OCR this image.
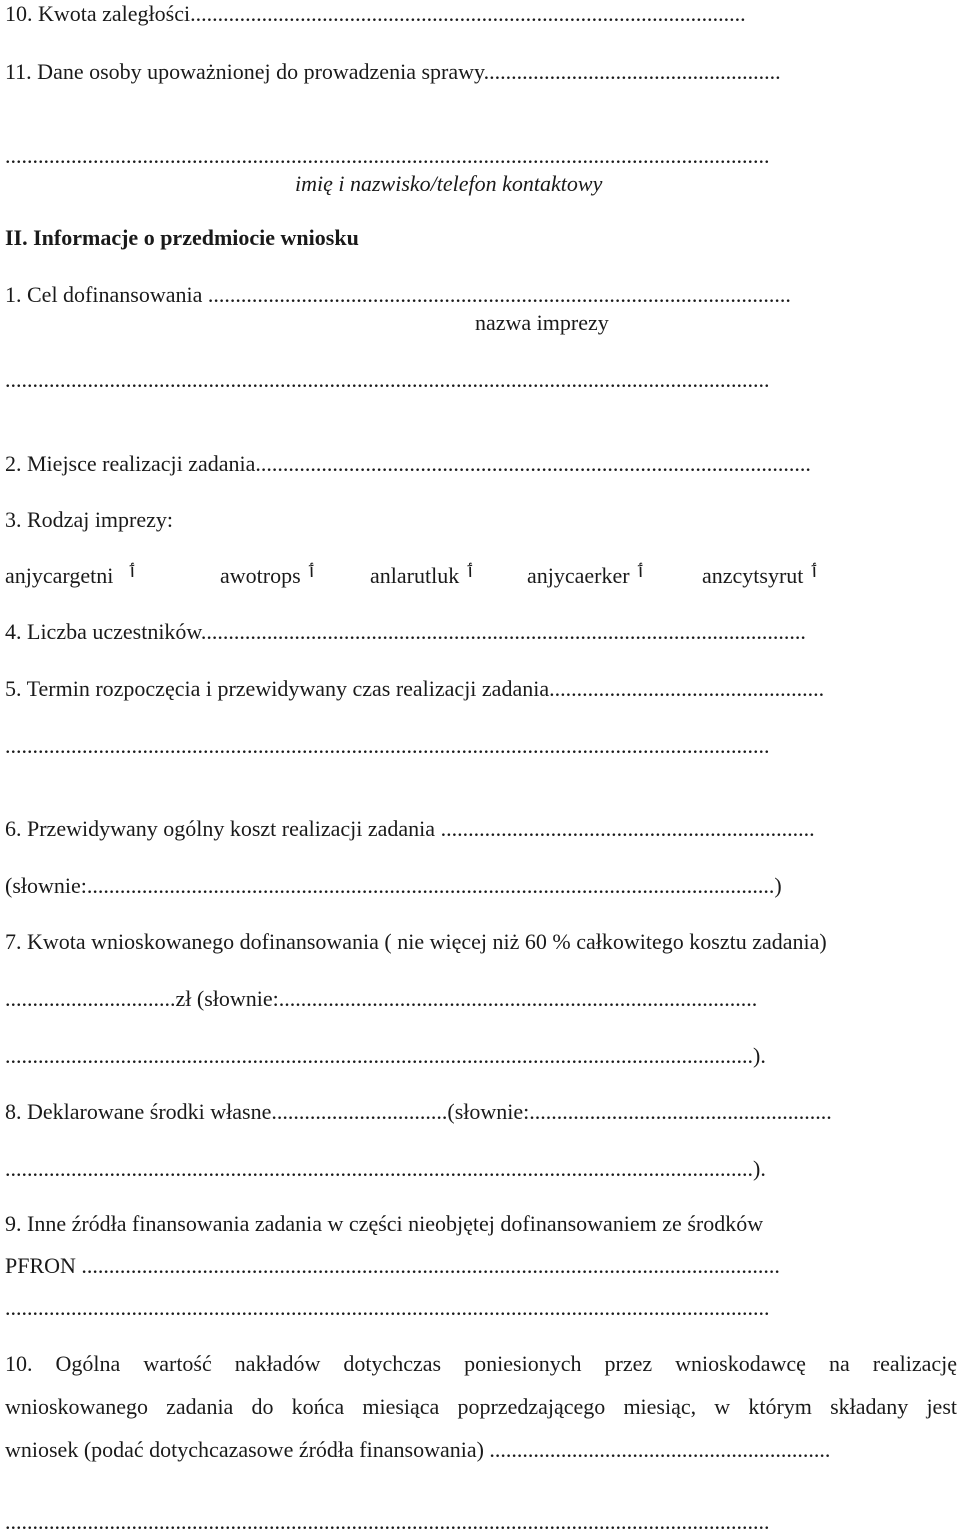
10. Kwota zaległości.....................................................................................................
11. Dane osoby upoważnionej do prowadzenia sprawy......................................................
...........................................................................................................................................
imię i nazwisko/telefon kontaktowy
II. Informacje o przedmiocie wniosku
1. Cel dofinansowania ..........................................................................................................
nazwa imprezy
...........................................................................................................................................
2. Miejsce realizacji zadania.....................................................................................................
3. Rodzaj imprezy:
anjycargetni $^ٲ$	awotrops $^ٲ$ anlarutluk $^ٲ$ anjycaerker $^ٲ$	anzcytsyrut $^ٲ$
4. Liczba uczestników..............................................................................................................
5. Termin rozpoczęcia i przewidywany czas realizacji zadania..................................................
...........................................................................................................................................
6. Przewidywany ogólny koszt realizacji zadania ....................................................................
(słownie:.............................................................................................................................)
7. Kwota wnioskowanego dofinansowania ( nie więcej niż 60 % całkowitego kosztu zadania)
...............................zł (słownie:.......................................................................................
........................................................................................................................................).
8. Deklarowane środki własne................................(słownie:.......................................................
........................................................................................................................................).
9. Inne źródła finansowania zadania w części nieobjętej dofinansowaniem ze środków
PFRON ...............................................................................................................................
...........................................................................................................................................
10. Ogólna wartość nakładów dotychczas poniesionych przez wnioskodawcę na realizację
wnioskowanego zadania do końca miesiąca poprzedzającego miesiąc, w którym składany jest
wniosek (podać dotychcazasowe źródła finansowania) ..............................................................
...........................................................................................................................................
